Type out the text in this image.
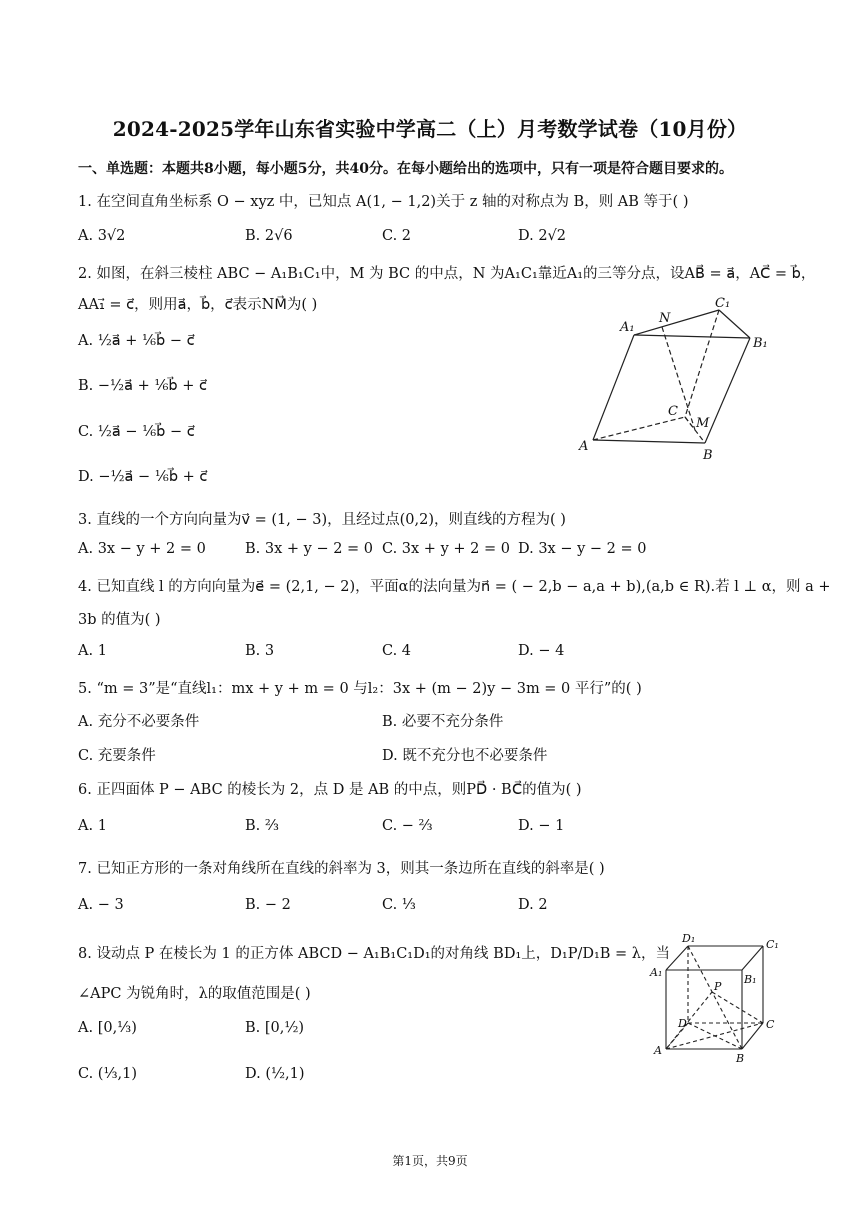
2024-2025学年山东省实验中学高二（上）月考数学试卷（10月份）
一、单选题：本题共8小题，每小题5分，共40分。在每小题给出的选项中，只有一项是符合题目要求的。
1. 在空间直角坐标系 O − xyz 中，已知点 A(1, − 1,2)关于 z 轴的对称点为 B，则 AB 等于( )
A. 3√2	B. 2√6	C. 2	D. 2√2
2. 如图，在斜三棱柱 ABC − A₁B₁C₁中，M 为 BC 的中点，N 为A₁C₁靠近A₁的三等分点，设AB⃗ = a⃗，AC⃗ = b⃗，
AA₁⃗ = c⃗，则用a⃗，b⃗，c⃗表示NM⃗为( )
A. ½a⃗ + ⅙b⃗ − c⃗
B. −½a⃗ + ⅙b⃗ + c⃗
C. ½a⃗ − ⅙b⃗ − c⃗
D. −½a⃗ − ⅙b⃗ + c⃗
N
C₁
A₁
B₁
C
M
A
B
3. 直线的一个方向向量为v⃗ = (1, − 3)，且经过点(0,2)，则直线的方程为( )
A. 3x − y + 2 = 0	B. 3x + y − 2 = 0 C. 3x + y + 2 = 0 D. 3x − y − 2 = 0
4. 已知直线 l 的方向向量为e⃗ = (2,1, − 2)，平面α的法向量为n⃗ = ( − 2,b − a,a + b),(a,b ∈ R).若 l ⊥ α，则 a +
3b 的值为( )
A. 1	B. 3	C. 4	D. − 4
5. “m = 3”是“直线l₁：mx + y + m = 0 与l₂：3x + (m − 2)y − 3m = 0 平行”的( )
A. 充分不必要条件	B. 必要不充分条件
C. 充要条件	D. 既不充分也不必要条件
6. 正四面体 P − ABC 的棱长为 2，点 D 是 AB 的中点，则PD⃗ · BC⃗的值为( )
A. 1	B. ⅔	C. − ⅔	D. − 1
7. 已知正方形的一条对角线所在直线的斜率为 3，则其一条边所在直线的斜率是( )
A. − 3	B. − 2	C. ⅓	D. 2
8. 设动点 P 在棱长为 1 的正方体 ABCD − A₁B₁C₁D₁的对角线 BD₁上，D₁P/D₁B = λ，当
∠APC 为锐角时，λ的取值范围是( )
A. [0,⅓)	B. [0,½)
C. (⅓,1)	D. (½,1)
D₁	C₁
A₁
B₁
P
D	C
A
B
第1页，共9页
